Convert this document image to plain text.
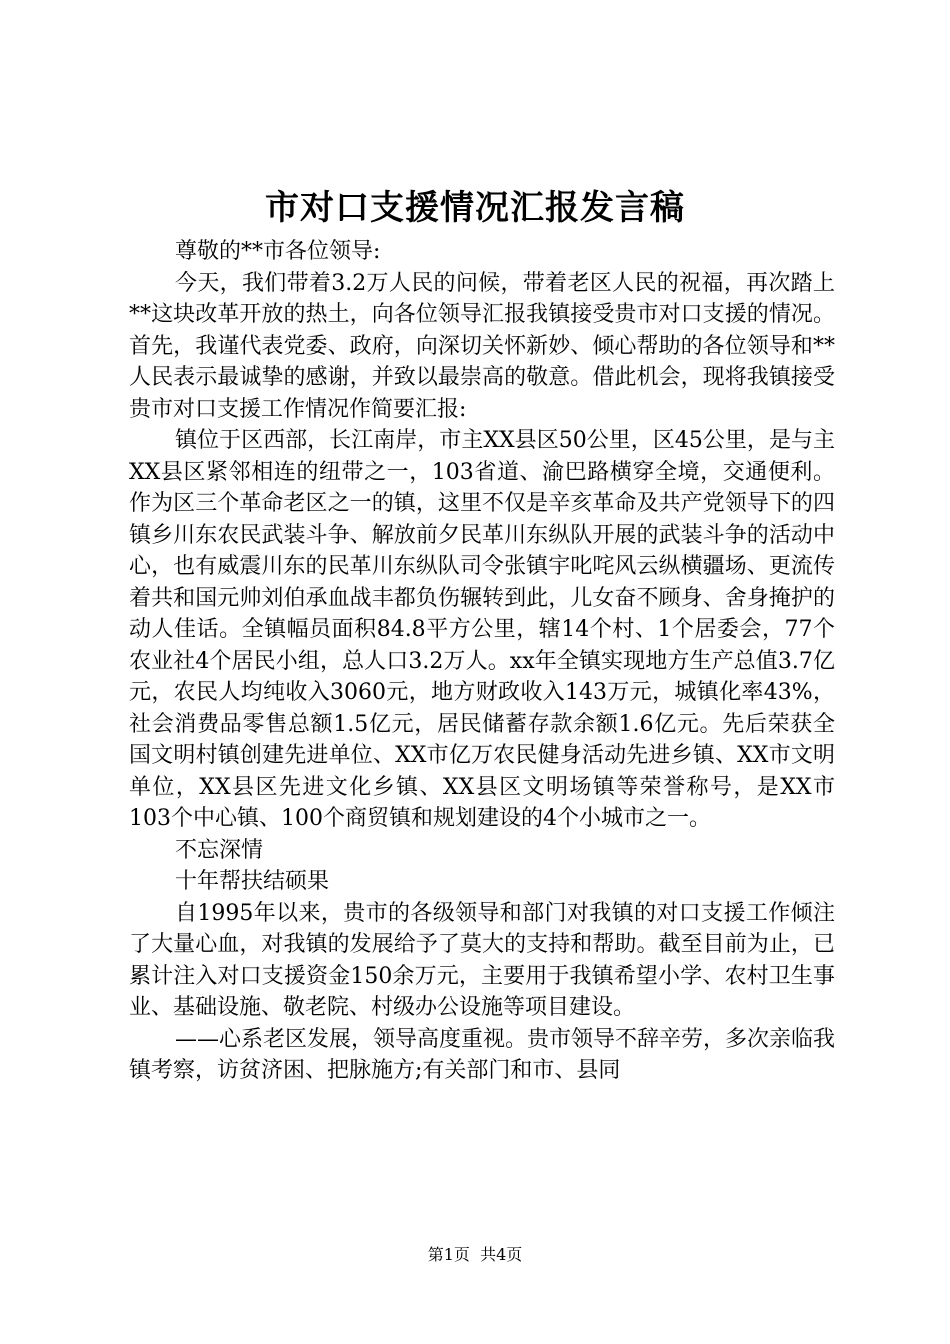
市对口支援情况汇报发言稿

尊敬的**市各位领导:

今天，我们带着3.2万人民的问候，带着老区人民的祝福，再次踏上**这块改革开放的热土，向各位领导汇报我镇接受贵市对口支援的情况。首先，我谨代表党委、政府，向深切关怀新妙、倾心帮助的各位领导和**人民表示最诚挚的感谢，并致以最崇高的敬意。借此机会，现将我镇接受贵市对口支援工作情况作简要汇报:

镇位于区西部，长江南岸，市主XX县区50公里，区45公里，是与主XX县区紧邻相连的纽带之一，103省道、渝巴路横穿全境，交通便利。作为区三个革命老区之一的镇，这里不仅是辛亥革命及共产党领导下的四镇乡川东农民武装斗争、解放前夕民革川东纵队开展的武装斗争的活动中心，也有威震川东的民革川东纵队司令张镇宇叱咤风云纵横疆场、更流传着共和国元帅刘伯承血战丰都负伤辗转到此，儿女奋不顾身、舍身掩护的动人佳话。全镇幅员面积84.8平方公里，辖14个村、1个居委会，77个农业社4个居民小组，总人口3.2万人。xx年全镇实现地方生产总值3.7亿元，农民人均纯收入3060元，地方财政收入143万元，城镇化率43%，社会消费品零售总额1.5亿元，居民储蓄存款余额1.6亿元。先后荣获全国文明村镇创建先进单位、XX市亿万农民健身活动先进乡镇、XX市文明单位，XX县区先进文化乡镇、XX县区文明场镇等荣誉称号，是XX市103个中心镇、100个商贸镇和规划建设的4个小城市之一。

不忘深情

十年帮扶结硕果

自1995年以来，贵市的各级领导和部门对我镇的对口支援工作倾注了大量心血，对我镇的发展给予了莫大的支持和帮助。截至目前为止，已累计注入对口支援资金150余万元，主要用于我镇希望小学、农村卫生事业、基础设施、敬老院、村级办公设施等项目建设。

——心系老区发展，领导高度重视。贵市领导不辞辛劳，多次亲临我镇考察，访贫济困、把脉施方;有关部门和市、县同

第1页  共4页
